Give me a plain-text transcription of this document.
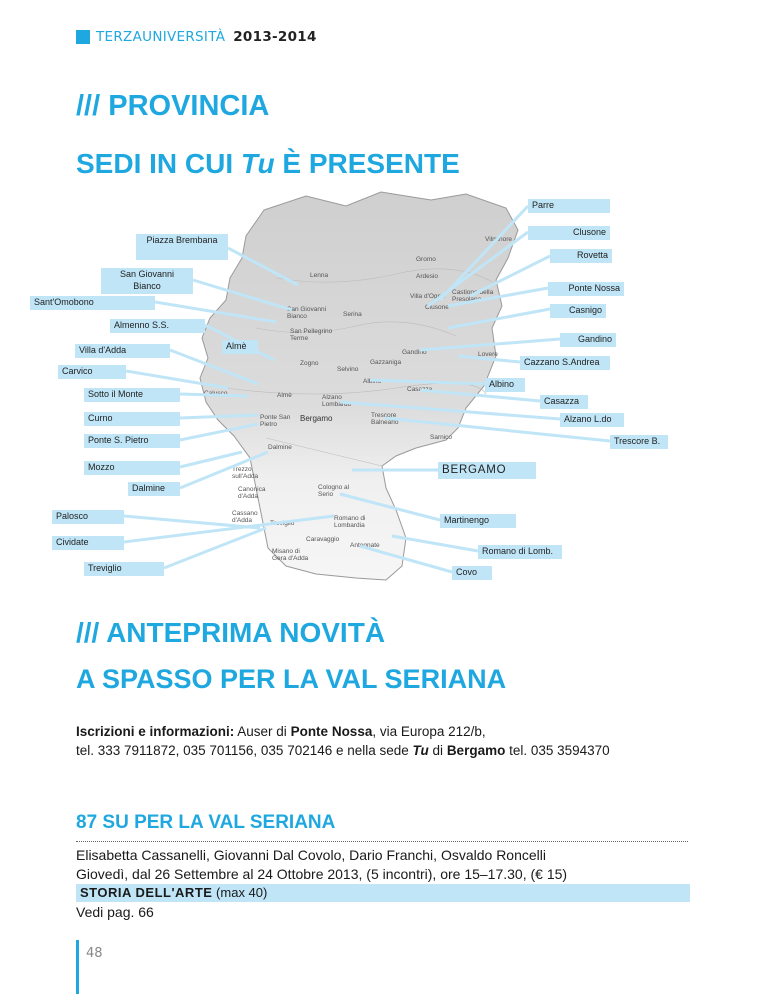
TERZAUNIVERSITÀ 2013-2014
/// PROVINCIA
SEDI IN CUI Tu È PRESENTE
Gromo
Vilminore
Lenna	Ardesio
Castione della Presolana
Villa d'Ogna
Clusone
San Giovanni Bianco	Serina
San Pellegrino Terme
Zogno	Gazzaniga
Selvino
Gandino	Lovere
Albino
Casazza
Calusco	Almè	Alzano Lombardo
Ponte San Pietro
Bergamo	Trescore Balneario
Sarnico
Dalmine
Trezzo sull'Adda
Canonica d'Adda
Cologno al Serio
Cassano d'Adda	Treviglio
Caravaggio
Romano di Lombardia
Antegnate
Misano di Gera d'Adda
Parre
Clusone
Piazza Brembana
Rovetta
San Giovanni Bianco	Ponte Nossa
Sant'Omobono
Casnigo
Almenno S.S.
Gandino
Almè
Villa d'Adda
Cazzano S.Andrea
Carvico
Albino
Sotto il Monte
Casazza
Curno	Alzano L.do
Ponte S. Pietro	Trescore B.
Mozzo
Dalmine
Palosco	Martinengo
Cividate
Romano di Lomb.
Treviglio	Covo
BERGAMO
/// ANTEPRIMA NOVITÀ
A SPASSO PER LA VAL SERIANA
Iscrizioni e informazioni: Auser di Ponte Nossa, via Europa 212/b,
tel. 333 7911872, 035 701156, 035 702146 e nella sede Tu di Bergamo tel. 035 3594370
87 SU PER LA VAL SERIANA
Elisabetta Cassanelli, Giovanni Dal Covolo, Dario Franchi, Osvaldo Roncelli
Giovedì, dal 26 Settembre al 24 Ottobre 2013, (5 incontri), ore 15–17.30, (€ 15)
STORIA DELL'ARTE (max 40)
Vedi pag. 66
48
